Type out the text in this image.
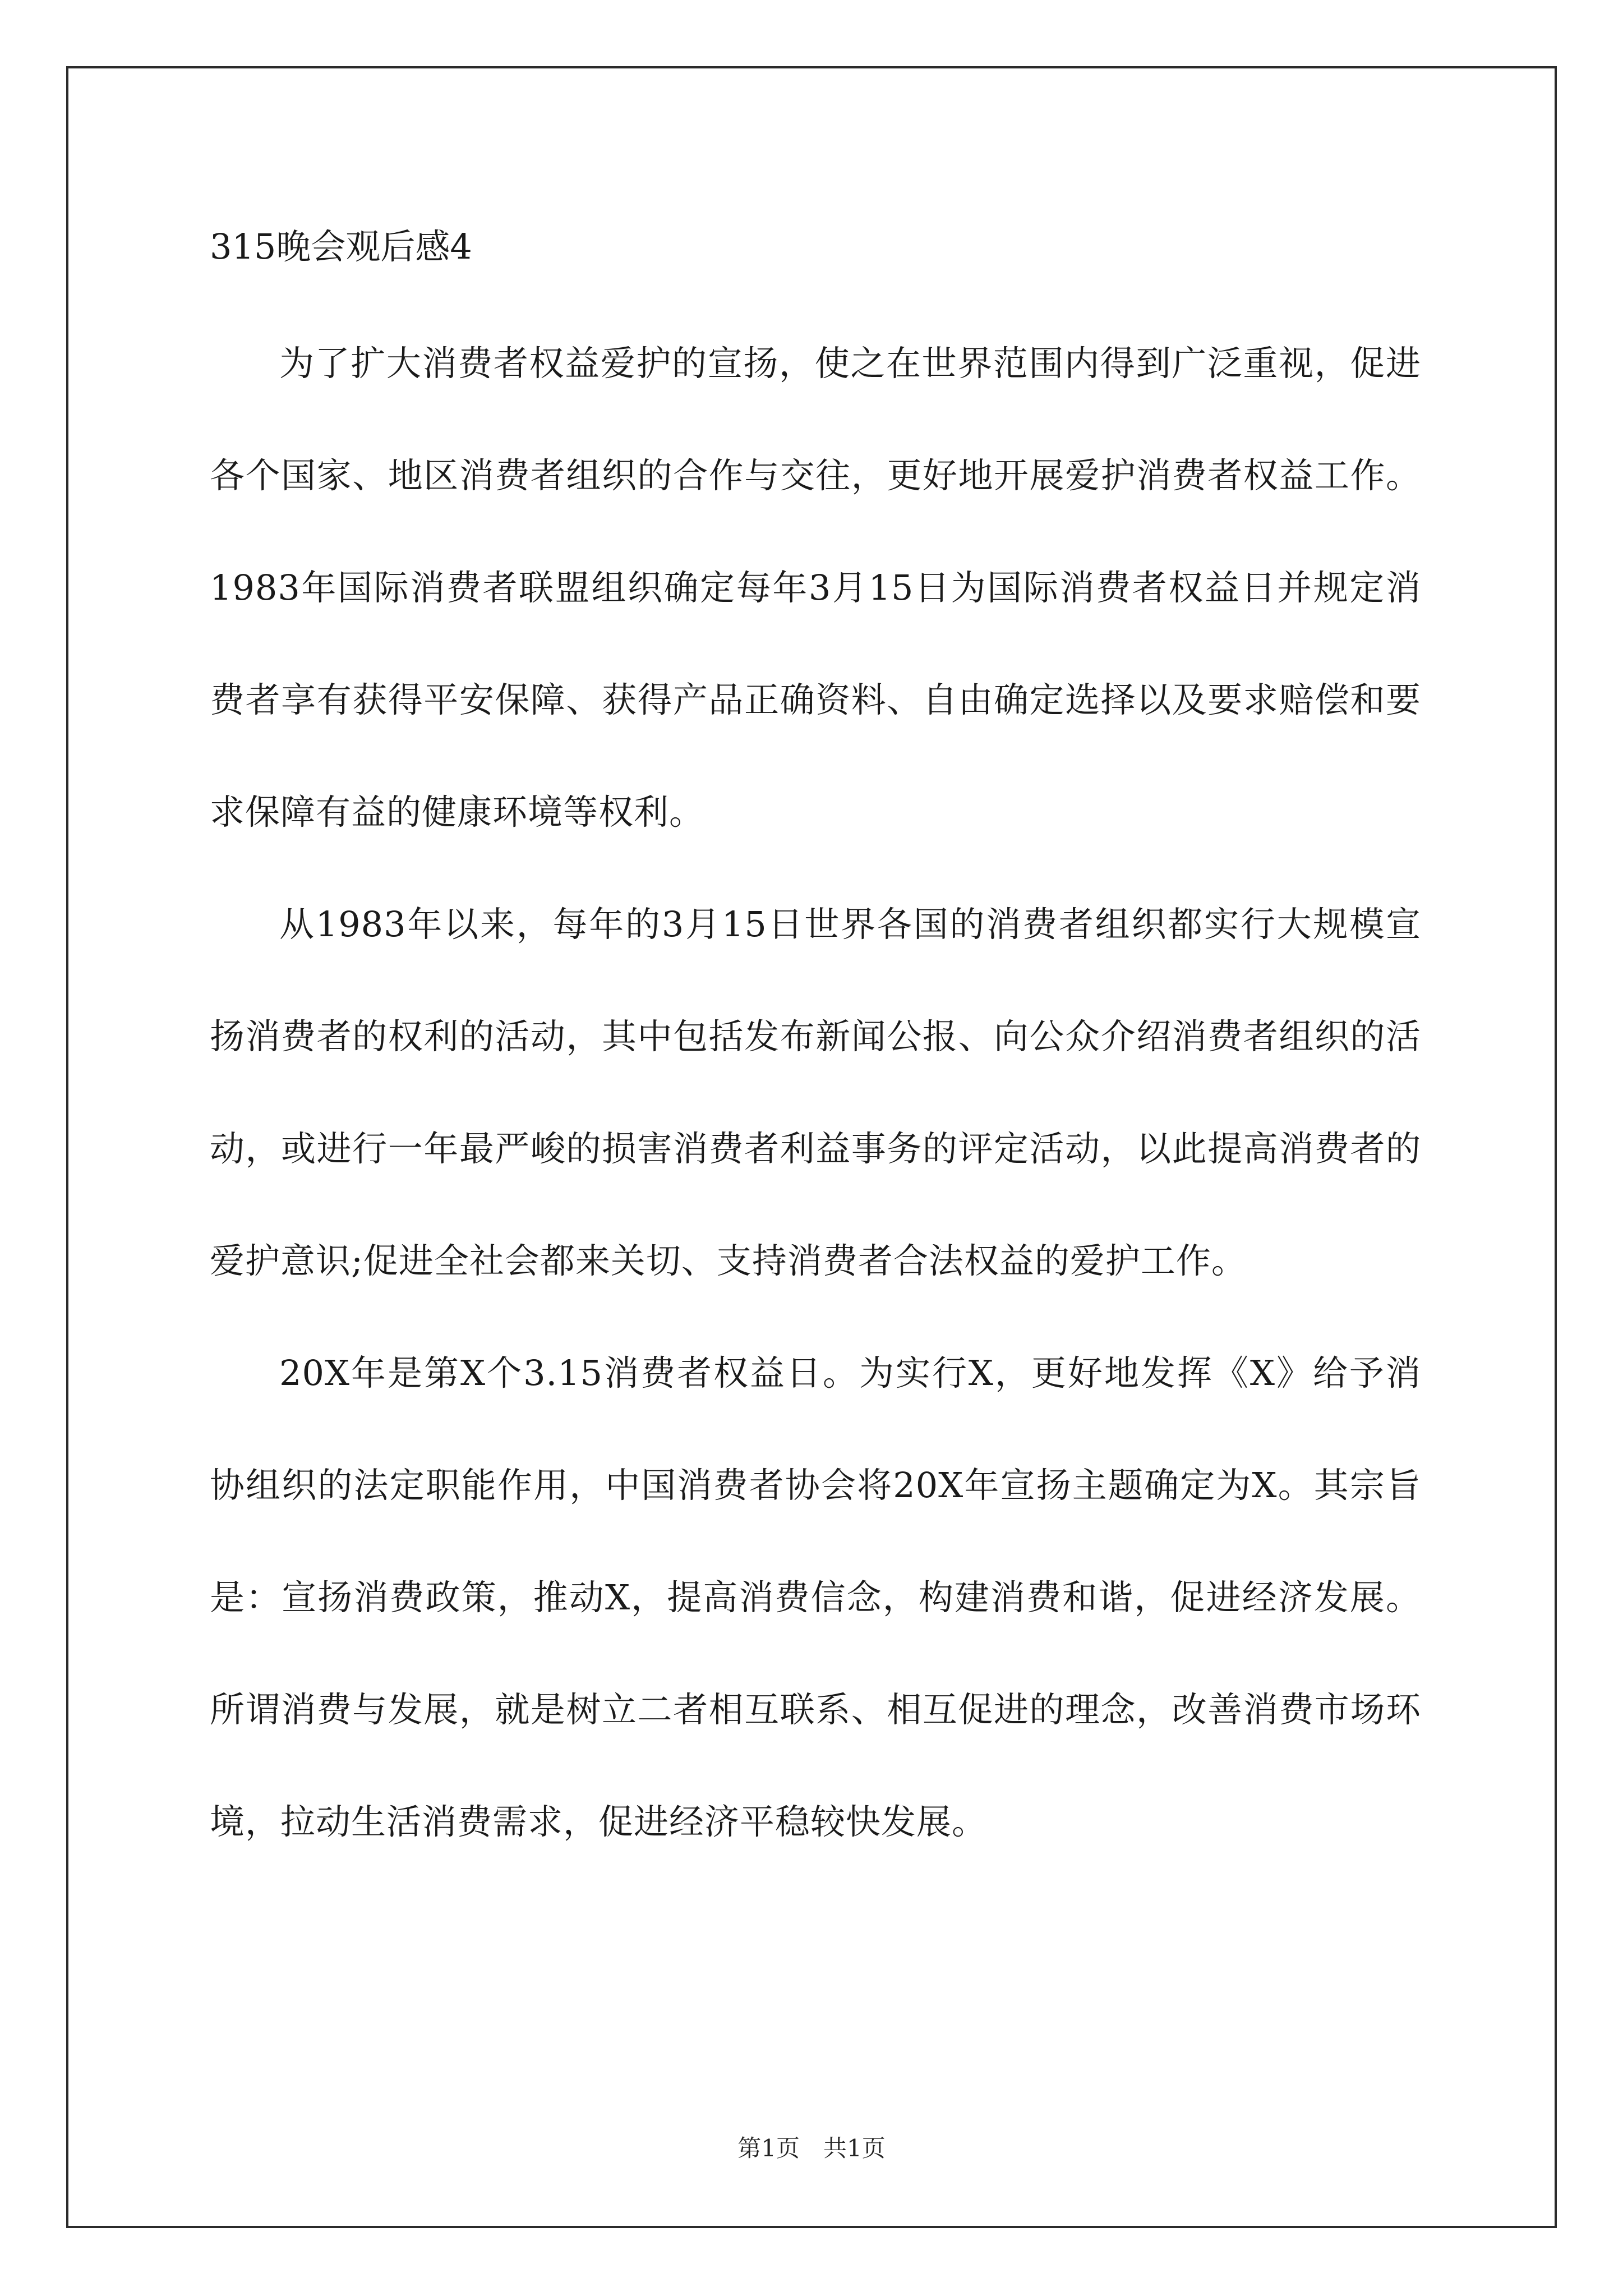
315晚会观后感4

为了扩大消费者权益爱护的宣扬，使之在世界范围内得到广泛重视，促进各个国家、地区消费者组织的合作与交往，更好地开展爱护消费者权益工作。1983年国际消费者联盟组织确定每年3月15日为国际消费者权益日并规定消费者享有获得平安保障、获得产品正确资料、自由确定选择以及要求赔偿和要求保障有益的健康环境等权利。

从1983年以来，每年的3月15日世界各国的消费者组织都实行大规模宣扬消费者的权利的活动，其中包括发布新闻公报、向公众介绍消费者组织的活动，或进行一年最严峻的损害消费者利益事务的评定活动，以此提高消费者的爱护意识;促进全社会都来关切、支持消费者合法权益的爱护工作。

20X年是第X个3.15消费者权益日。为实行X，更好地发挥《X》给予消协组织的法定职能作用，中国消费者协会将20X年宣扬主题确定为X。其宗旨是：宣扬消费政策，推动X，提高消费信念，构建消费和谐，促进经济发展。所谓消费与发展，就是树立二者相互联系、相互促进的理念，改善消费市场环境，拉动生活消费需求，促进经济平稳较快发展。

第1页　共1页
